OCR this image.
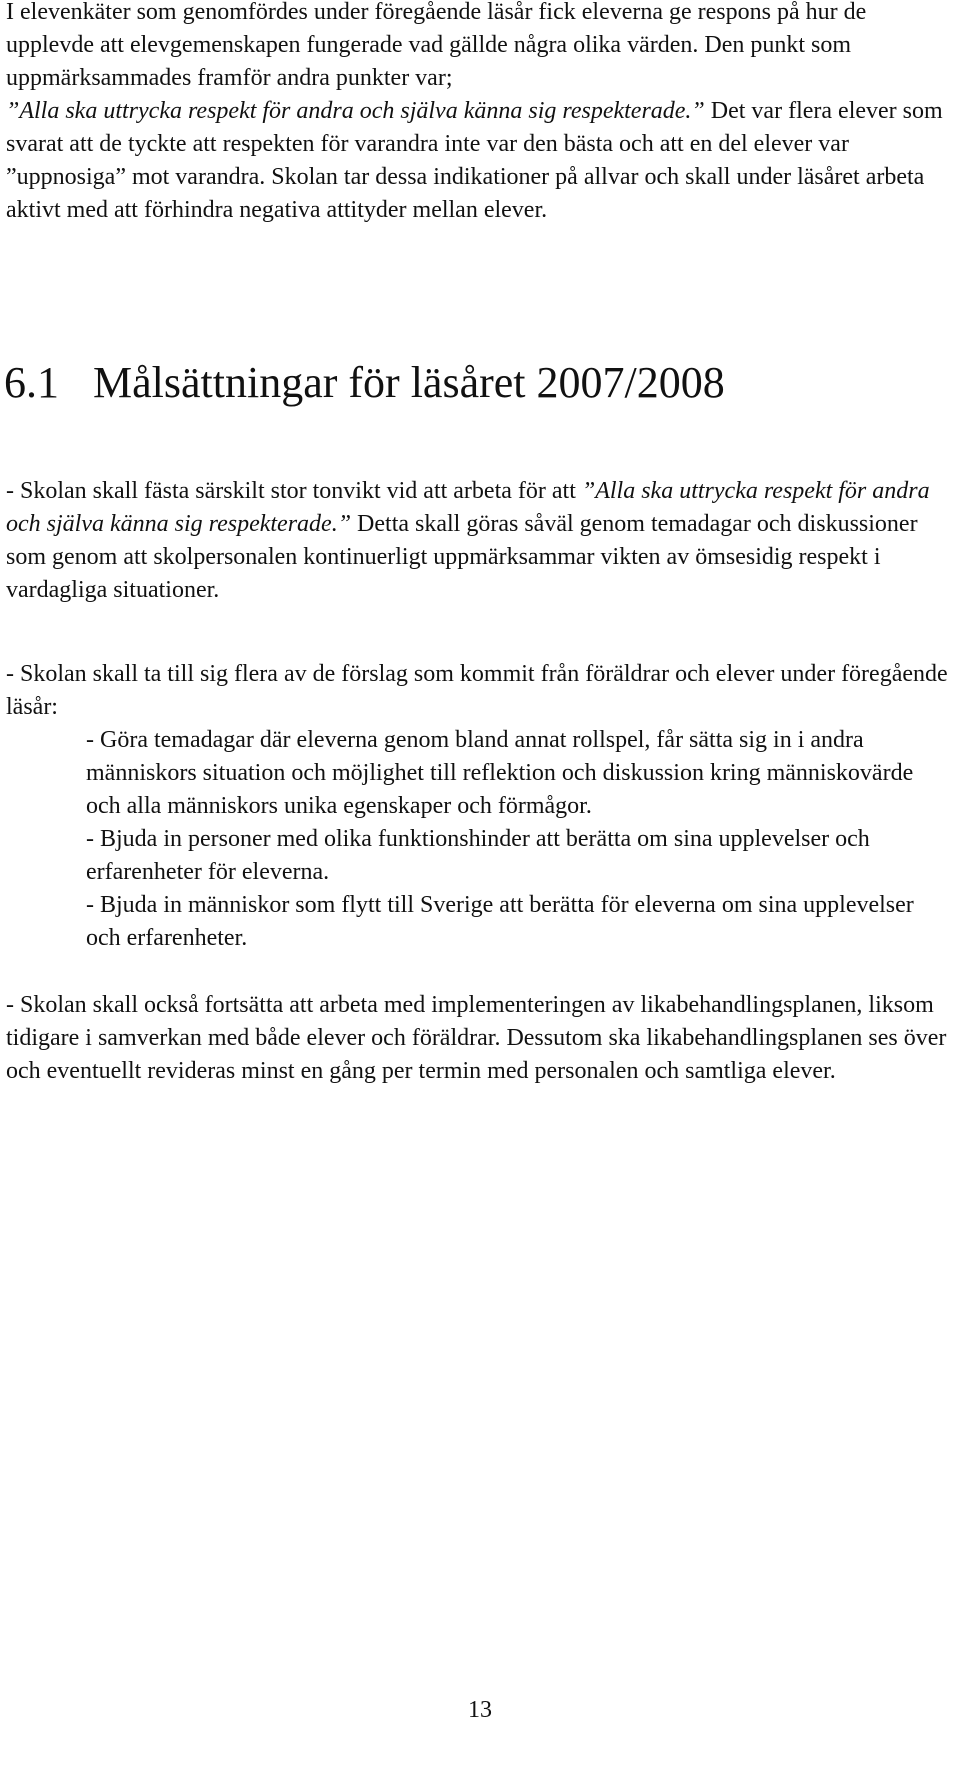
I elevenkäter som genomfördes under föregående läsår fick eleverna ge respons på hur de upplevde att elevgemenskapen fungerade vad gällde några olika värden. Den punkt som uppmärksammades framför andra punkter var;
”Alla ska uttrycka respekt för andra och själva känna sig respekterade.” Det var flera elever som svarat att de tyckte att respekten för varandra inte var den bästa och att en del elever var ”uppnosiga” mot varandra. Skolan tar dessa indikationer på allvar och skall under läsåret arbeta aktivt med att förhindra negativa attityder mellan elever.

6.1 Målsättningar för läsåret 2007/2008

- Skolan skall fästa särskilt stor tonvikt vid att arbeta för att ”Alla ska uttrycka respekt för andra och själva känna sig respekterade.” Detta skall göras såväl genom temadagar och diskussioner som genom att skolpersonalen kontinuerligt uppmärksammar vikten av ömsesidig respekt i vardagliga situationer.

- Skolan skall ta till sig flera av de förslag som kommit från föräldrar och elever under föregående läsår:

- Göra temadagar där eleverna genom bland annat rollspel, får sätta sig in i andra människors situation och möjlighet till reflektion och diskussion kring människovärde och alla människors unika egenskaper och förmågor.

- Bjuda in personer med olika funktionshinder att berätta om sina upplevelser och erfarenheter för eleverna.

- Bjuda in människor som flytt till Sverige att berätta för eleverna om sina upplevelser och erfarenheter.

- Skolan skall också fortsätta att arbeta med implementeringen av likabehandlingsplanen, liksom tidigare i samverkan med både elever och föräldrar. Dessutom ska likabehandlingsplanen ses över och eventuellt revideras minst en gång per termin med personalen och samtliga elever.

13
